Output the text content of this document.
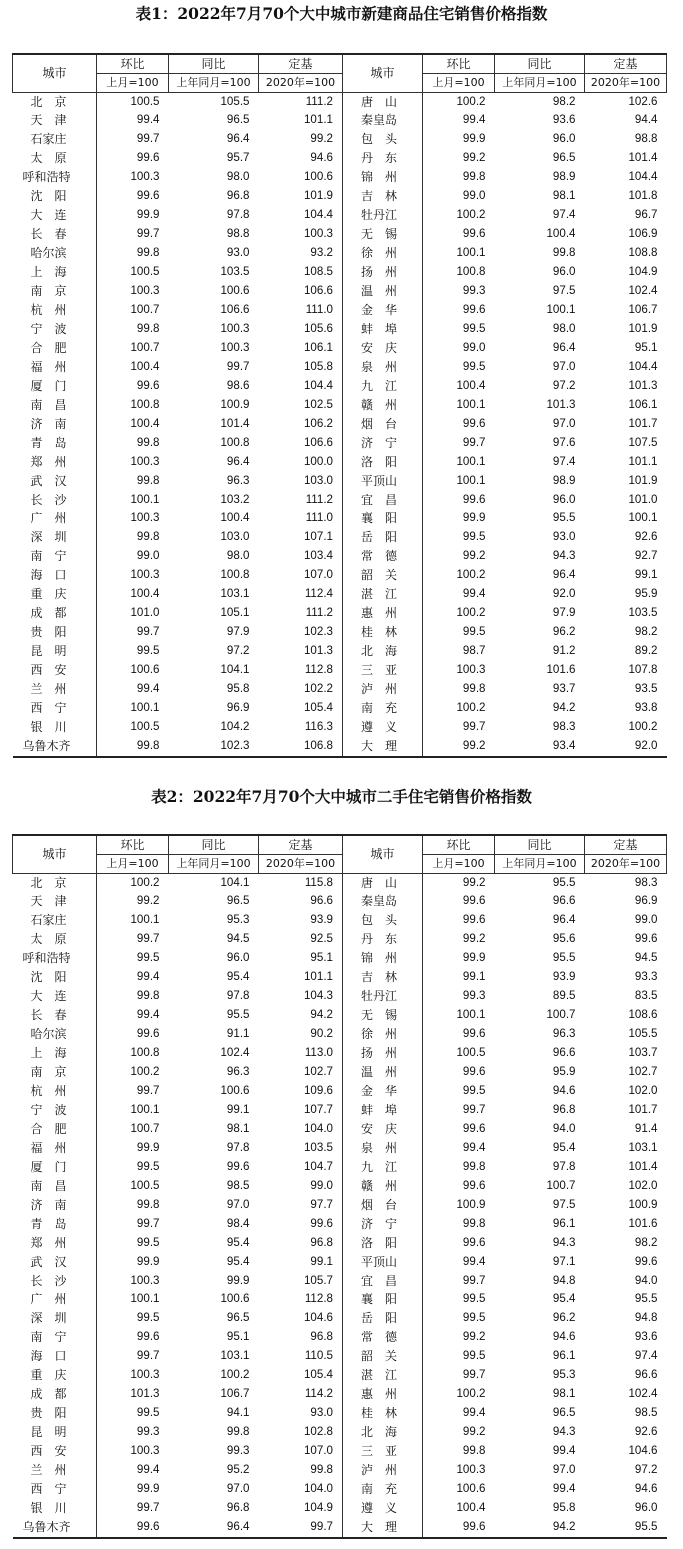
表1：2022年7月70个大中城市新建商品住宅销售价格指数
城市	环比	同比	定基	城市	环比	同比	定基
	上月=100	上年同月=100	2020年=100		上月=100	上年同月=100	2020年=100
北　京	100.5	105.5	111.2	唐　山	100.2	98.2	102.6
天　津	99.4	96.5	101.1	秦皇岛	99.4	93.6	94.4
石家庄	99.7	96.4	99.2	包　头	99.9	96.0	98.8
太　原	99.6	95.7	94.6	丹　东	99.2	96.5	101.4
呼和浩特	100.3	98.0	100.6	锦　州	99.8	98.9	104.4
沈　阳	99.6	96.8	101.9	吉　林	99.0	98.1	101.8
大　连	99.9	97.8	104.4	牡丹江	100.2	97.4	96.7
长　春	99.7	98.8	100.3	无　锡	99.6	100.4	106.9
哈尔滨	99.8	93.0	93.2	徐　州	100.1	99.8	108.8
上　海	100.5	103.5	108.5	扬　州	100.8	96.0	104.9
南　京	100.3	100.6	106.6	温　州	99.3	97.5	102.4
杭　州	100.7	106.6	111.0	金　华	99.6	100.1	106.7
宁　波	99.8	100.3	105.6	蚌　埠	99.5	98.0	101.9
合　肥	100.7	100.3	106.1	安　庆	99.0	96.4	95.1
福　州	100.4	99.7	105.8	泉　州	99.5	97.0	104.4
厦　门	99.6	98.6	104.4	九　江	100.4	97.2	101.3
南　昌	100.8	100.9	102.5	赣　州	100.1	101.3	106.1
济　南	100.4	101.4	106.2	烟　台	99.6	97.0	101.7
青　岛	99.8	100.8	106.6	济　宁	99.7	97.6	107.5
郑　州	100.3	96.4	100.0	洛　阳	100.1	97.4	101.1
武　汉	99.8	96.3	103.0	平顶山	100.1	98.9	101.9
长　沙	100.1	103.2	111.2	宜　昌	99.6	96.0	101.0
广　州	100.3	100.4	111.0	襄　阳	99.9	95.5	100.1
深　圳	99.8	103.0	107.1	岳　阳	99.5	93.0	92.6
南　宁	99.0	98.0	103.4	常　德	99.2	94.3	92.7
海　口	100.3	100.8	107.0	韶　关	100.2	96.4	99.1
重　庆	100.4	103.1	112.4	湛　江	99.4	92.0	95.9
成　都	101.0	105.1	111.2	惠　州	100.2	97.9	103.5
贵　阳	99.7	97.9	102.3	桂　林	99.5	96.2	98.2
昆　明	99.5	97.2	101.3	北　海	98.7	91.2	89.2
西　安	100.6	104.1	112.8	三　亚	100.3	101.6	107.8
兰　州	99.4	95.8	102.2	泸　州	99.8	93.7	93.5
西　宁	100.1	96.9	105.4	南　充	100.2	94.2	93.8
银　川	100.5	104.2	116.3	遵　义	99.7	98.3	100.2
乌鲁木齐	99.8	102.3	106.8	大　理	99.2	93.4	92.0
表2：2022年7月70个大中城市二手住宅销售价格指数
城市	环比	同比	定基	城市	环比	同比	定基
	上月=100	上年同月=100	2020年=100		上月=100	上年同月=100	2020年=100
北　京	100.2	104.1	115.8	唐　山	99.2	95.5	98.3
天　津	99.2	96.5	96.6	秦皇岛	99.6	96.6	96.9
石家庄	100.1	95.3	93.9	包　头	99.6	96.4	99.0
太　原	99.7	94.5	92.5	丹　东	99.2	95.6	99.6
呼和浩特	99.5	96.0	95.1	锦　州	99.9	95.5	94.5
沈　阳	99.4	95.4	101.1	吉　林	99.1	93.9	93.3
大　连	99.8	97.8	104.3	牡丹江	99.3	89.5	83.5
长　春	99.4	95.5	94.2	无　锡	100.1	100.7	108.6
哈尔滨	99.6	91.1	90.2	徐　州	99.6	96.3	105.5
上　海	100.8	102.4	113.0	扬　州	100.5	96.6	103.7
南　京	100.2	96.3	102.7	温　州	99.6	95.9	102.7
杭　州	99.7	100.6	109.6	金　华	99.5	94.6	102.0
宁　波	100.1	99.1	107.7	蚌　埠	99.7	96.8	101.7
合　肥	100.7	98.1	104.0	安　庆	99.6	94.0	91.4
福　州	99.9	97.8	103.5	泉　州	99.4	95.4	103.1
厦　门	99.5	99.6	104.7	九　江	99.8	97.8	101.4
南　昌	100.5	98.5	99.0	赣　州	99.6	100.7	102.0
济　南	99.8	97.0	97.7	烟　台	100.9	97.5	100.9
青　岛	99.7	98.4	99.6	济　宁	99.8	96.1	101.6
郑　州	99.5	95.4	96.8	洛　阳	99.6	94.3	98.2
武　汉	99.9	95.4	99.1	平顶山	99.4	97.1	99.6
长　沙	100.3	99.9	105.7	宜　昌	99.7	94.8	94.0
广　州	100.1	100.6	112.8	襄　阳	99.5	95.4	95.5
深　圳	99.5	96.5	104.6	岳　阳	99.5	96.2	94.8
南　宁	99.6	95.1	96.8	常　德	99.2	94.6	93.6
海　口	99.7	103.1	110.5	韶　关	99.5	96.1	97.4
重　庆	100.3	100.2	105.4	湛　江	99.7	95.3	96.6
成　都	101.3	106.7	114.2	惠　州	100.2	98.1	102.4
贵　阳	99.5	94.1	93.0	桂　林	99.4	96.5	98.5
昆　明	99.3	99.8	102.8	北　海	99.2	94.3	92.6
西　安	100.3	99.3	107.0	三　亚	99.8	99.4	104.6
兰　州	99.4	95.2	99.8	泸　州	100.3	97.0	97.2
西　宁	99.9	97.0	104.0	南　充	100.6	99.4	94.6
银　川	99.7	96.8	104.9	遵　义	100.4	95.8	96.0
乌鲁木齐	99.6	96.4	99.7	大　理	99.6	94.2	95.5
